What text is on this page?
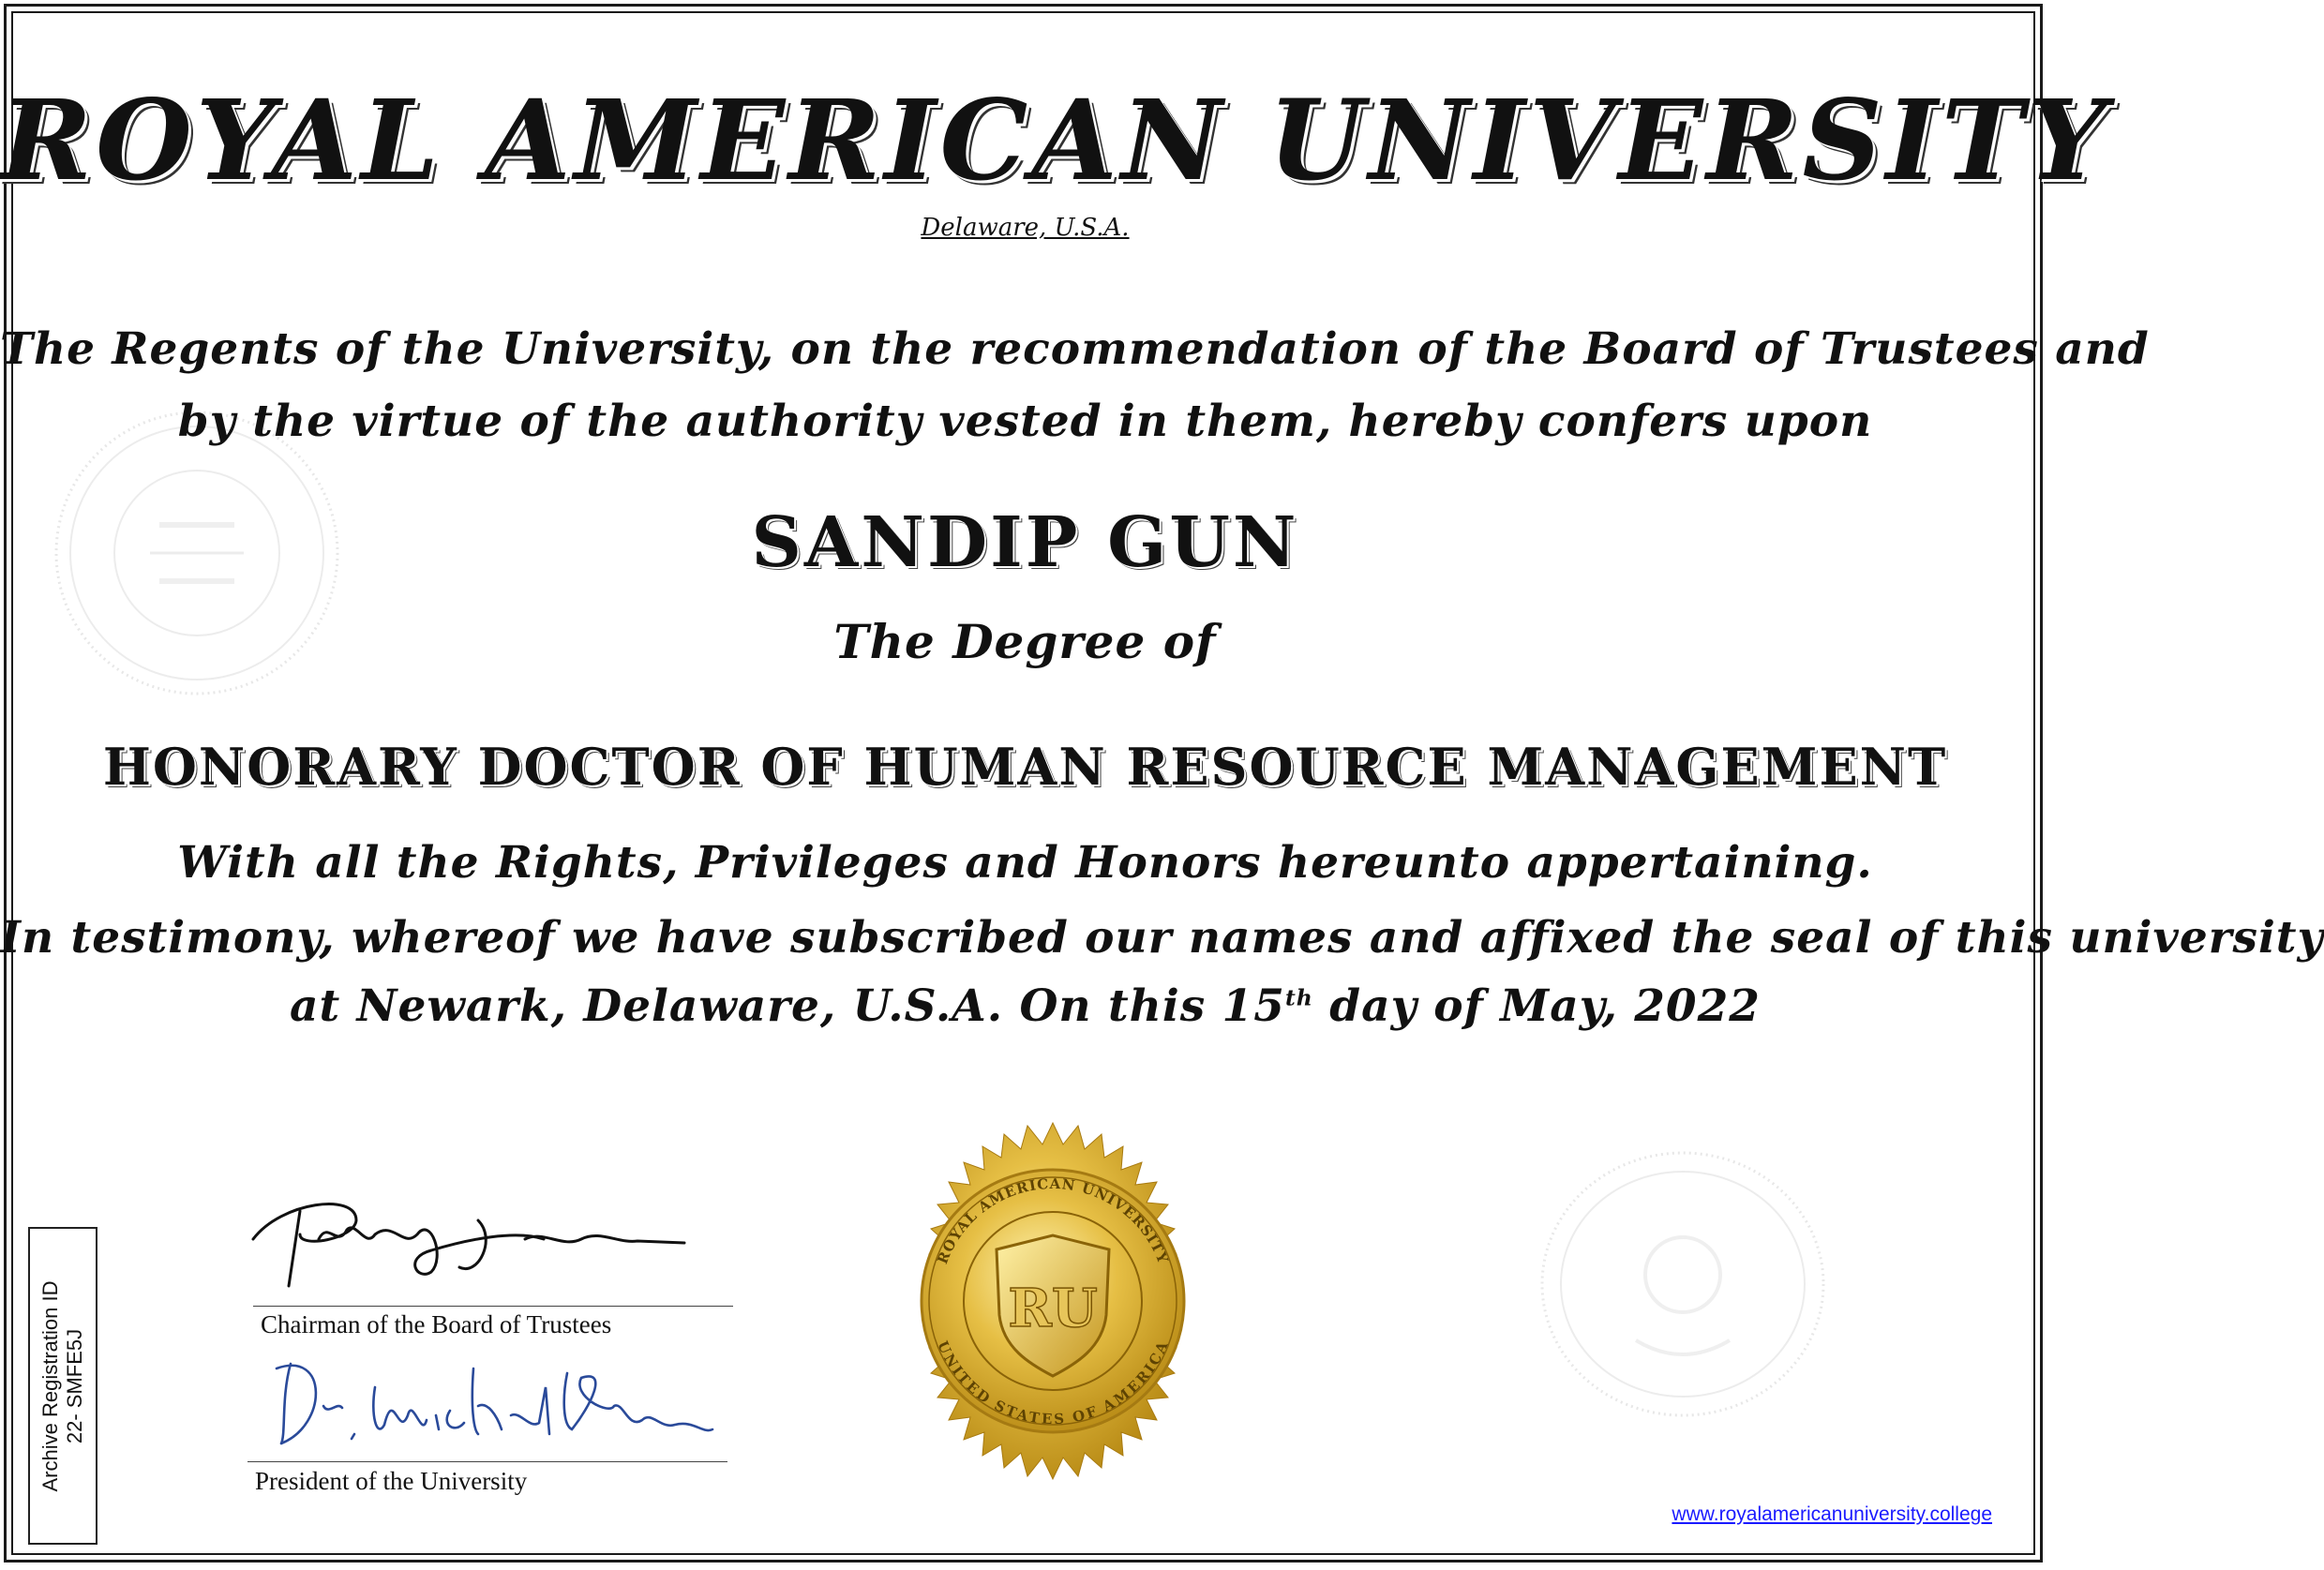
ROYAL AMERICAN UNIVERSITY
Delaware, U.S.A.
The Regents of the University, on the recommendation of the Board of Trustees and
by the virtue of the authority vested in them, hereby confers upon
SANDIP GUN
The Degree of
HONORARY DOCTOR OF HUMAN RESOURCE MANAGEMENT
With all the Rights, Privileges and Honors hereunto appertaining.
In testimony, whereof we have subscribed our names and affixed the seal of this university
at Newark, Delaware, U.S.A. On this 15th day of May, 2022
Chairman of the Board of Trustees
President of the University
ROYAL AMERICAN UNIVERSITY
UNITED STATES OF AMERICA
RU
Archive Registration ID 22- SMFE5J
www.royalamericanuniversity.college
